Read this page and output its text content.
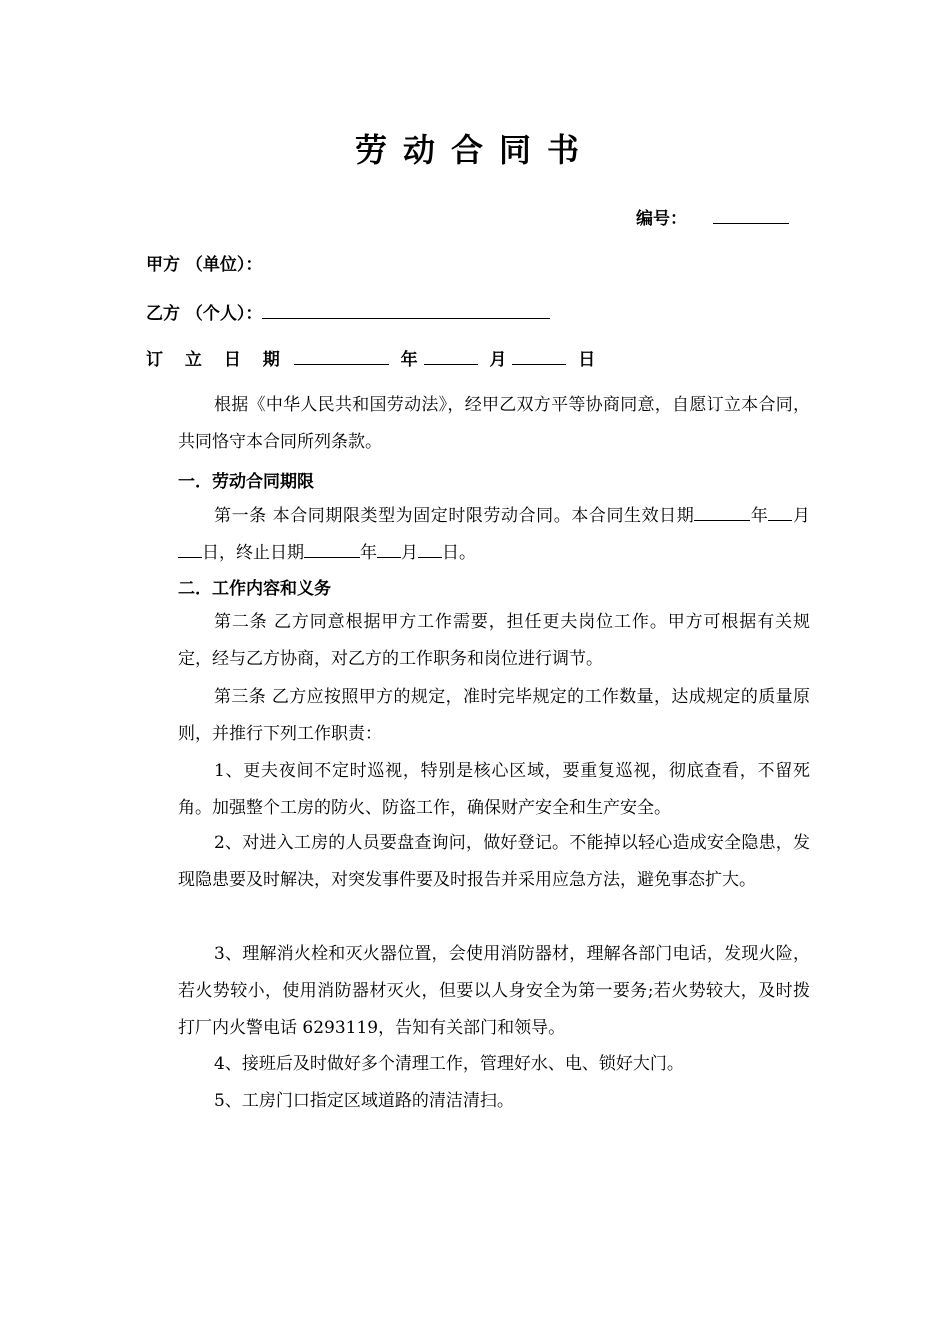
劳动合同书
编号：
甲方 （单位）：
乙方 （个人）：
订 立 日 期	年	月	日

根据《中华人民共和国劳动法》，经甲乙双方平等协商同意，自愿订立本合同，共同恪守本合同所列条款。

一．劳动合同期限

第一条 本合同期限类型为固定时限劳动合同。本合同生效日期	年 月日，终止日期	年 月 日。

二．工作内容和义务

第二条 乙方同意根据甲方工作需要，担任更夫岗位工作。甲方可根据有关规定，经与乙方协商，对乙方的工作职务和岗位进行调节。

第三条 乙方应按照甲方的规定，准时完毕规定的工作数量，达成规定的质量原则，并推行下列工作职责：

1、更夫夜间不定时巡视，特别是核心区域，要重复巡视，彻底查看，不留死角。加强整个工房的防火、防盗工作，确保财产安全和生产安全。

2、对进入工房的人员要盘查询问，做好登记。不能掉以轻心造成安全隐患，发现隐患要及时解决，对突发事件要及时报告并采用应急方法，避免事态扩大。

3、理解消火栓和灭火器位置，会使用消防器材，理解各部门电话，发现火险，若火势较小，使用消防器材灭火，但要以人身安全为第一要务;若火势较大，及时拨打厂内火警电话 6293119，告知有关部门和领导。

4、接班后及时做好多个清理工作，管理好水、电、锁好大门。

5、工房门口指定区域道路的清洁清扫。
